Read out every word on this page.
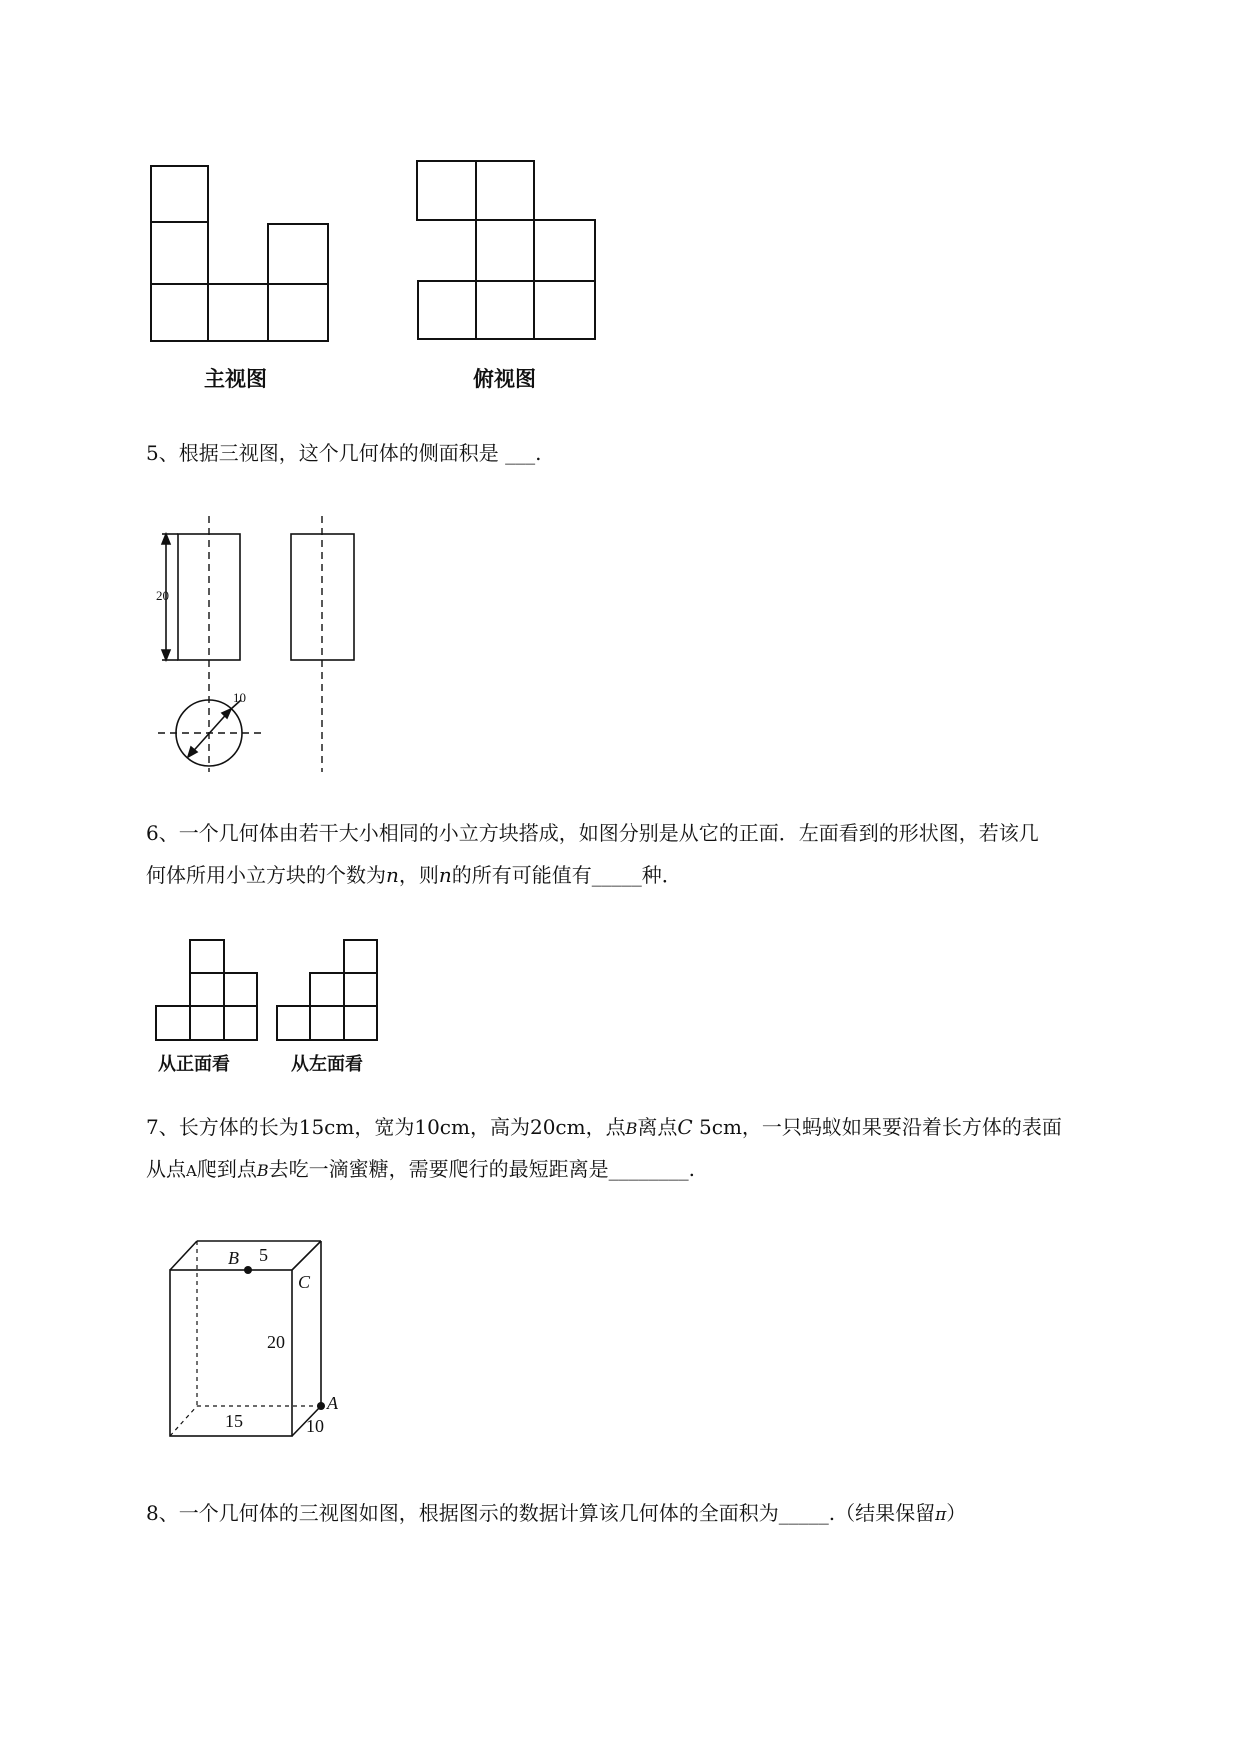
主视图	俯视图
5、根据三视图，这个几何体的侧面积是 ___.
20
10
6、一个几何体由若干大小相同的小立方块搭成，如图分别是从它的正面．左面看到的形状图，若该几
何体所用小立方块的个数为n，则n的所有可能值有_____种．
从正面看	从左面看
7、长方体的长为15cm，宽为10cm，高为20cm，点B离点C 5cm，一只蚂蚁如果要沿着长方体的表面
从点A爬到点B去吃一滴蜜糖，需要爬行的最短距离是________.
B 5
C
20
A
15	10
8、一个几何体的三视图如图，根据图示的数据计算该几何体的全面积为_____.（结果保留π）
